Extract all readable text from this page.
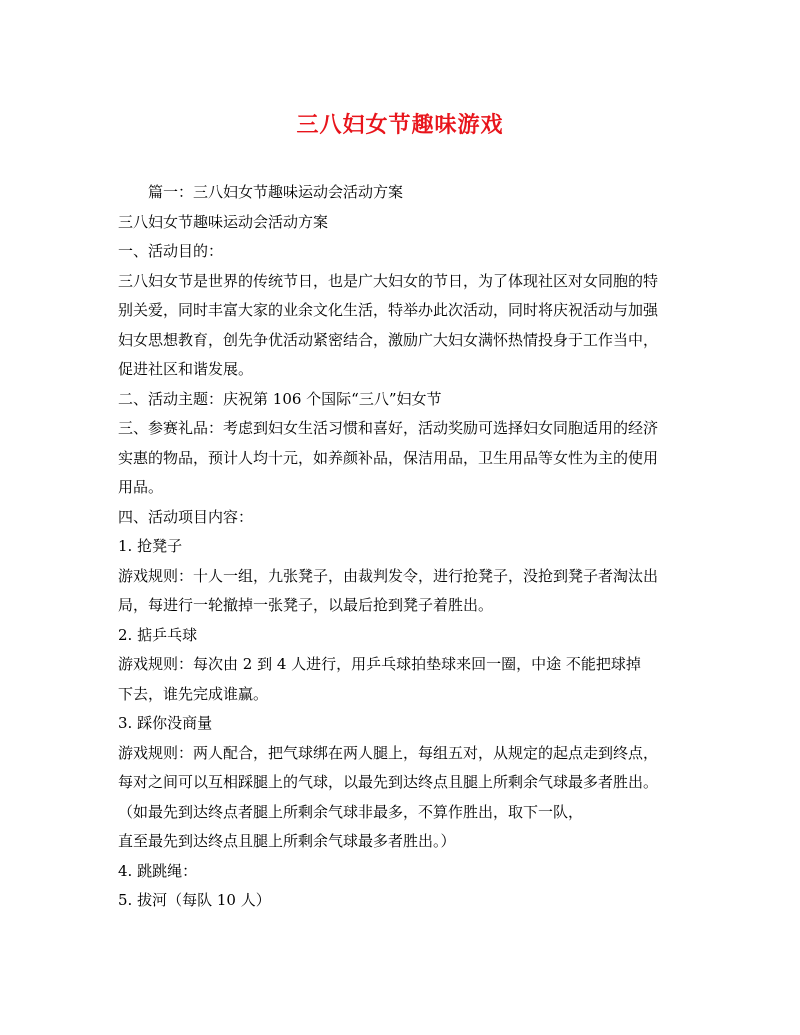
三八妇女节趣味游戏

篇一：三八妇女节趣味运动会活动方案

三八妇女节趣味运动会活动方案

一、活动目的：

三八妇女节是世界的传统节日，也是广大妇女的节日，为了体现社区对女同胞的特

别关爱，同时丰富大家的业余文化生活，特举办此次活动，同时将庆祝活动与加强

妇女思想教育，创先争优活动紧密结合，激励广大妇女满怀热情投身于工作当中，

促进社区和谐发展。

二、活动主题：庆祝第 106 个国际“三八”妇女节

三、参赛礼品：考虑到妇女生活习惯和喜好，活动奖励可选择妇女同胞适用的经济

实惠的物品，预计人均十元，如养颜补品，保洁用品，卫生用品等女性为主的使用

用品。

四、活动项目内容：

1. 抢凳子

游戏规则：十人一组，九张凳子，由裁判发令，进行抢凳子，没抢到凳子者淘汰出

局，每进行一轮撤掉一张凳子，以最后抢到凳子着胜出。

2. 掂乒乓球

游戏规则：每次由 2 到 4 人进行，用乒乓球拍垫球来回一圈，中途 不能把球掉

下去，谁先完成谁赢。

3. 踩你没商量

游戏规则：两人配合，把气球绑在两人腿上，每组五对，从规定的起点走到终点，

每对之间可以互相踩腿上的气球，以最先到达终点且腿上所剩余气球最多者胜出。

（如最先到达终点者腿上所剩余气球非最多，不算作胜出，取下一队，

直至最先到达终点且腿上所剩余气球最多者胜出。）

4. 跳跳绳：

5. 拔河（每队 10 人）
